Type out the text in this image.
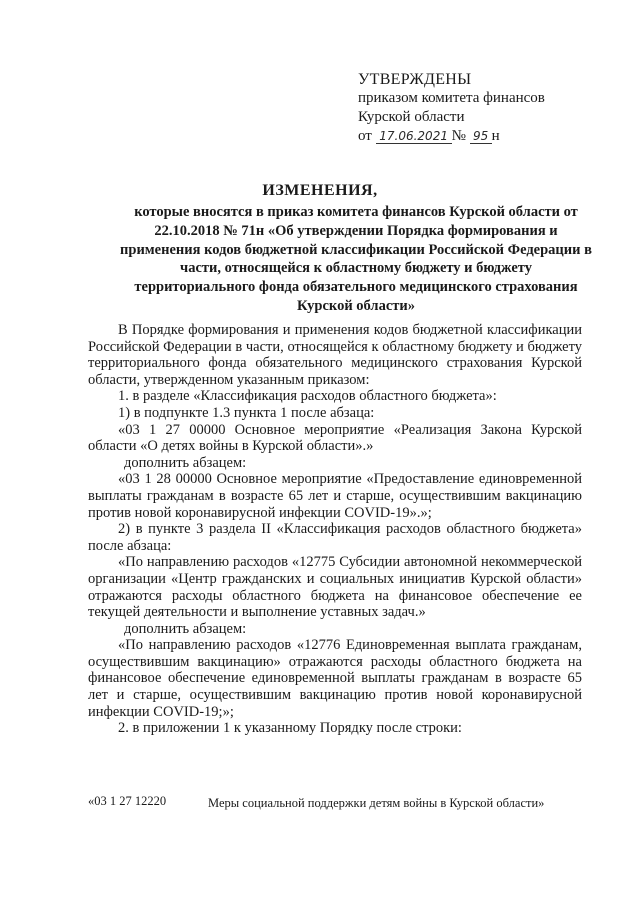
УТВЕРЖДЕНЫ
приказом комитета финансов
Курской области
от 17.06.2021 № 95 н
ИЗМЕНЕНИЯ,
которые вносятся в приказ комитета финансов Курской области от 22.10.2018 № 71н «Об утверждении Порядка формирования и применения кодов бюджетной классификации Российской Федерации в части, относящейся к областному бюджету и бюджету территориального фонда обязательного медицинского страхования Курской области»

В Порядке формирования и применения кодов бюджетной классификации Российской Федерации в части, относящейся к областному бюджету и бюджету территориального фонда обязательного медицинского страхования Курской области, утвержденном указанным приказом:

1. в разделе «Классификация расходов областного бюджета»:

1) в подпункте 1.3 пункта 1 после абзаца:

«03 1 27 00000 Основное мероприятие «Реализация Закона Курской области «О детях войны в Курской области».»

дополнить абзацем:

«03 1 28 00000 Основное мероприятие «Предоставление единовременной выплаты гражданам в возрасте 65 лет и старше, осуществившим вакцинацию против новой коронавирусной инфекции COVID-19».»;

2) в пункте 3 раздела II «Классификация расходов областного бюджета» после абзаца:

«По направлению расходов «12775 Субсидии автономной некоммерческой организации «Центр гражданских и социальных инициатив Курской области» отражаются расходы областного бюджета на финансовое обеспечение ее текущей деятельности и выполнение уставных задач.»

дополнить абзацем:

«По направлению расходов «12776 Единовременная выплата гражданам, осуществившим вакцинацию» отражаются расходы областного бюджета на финансовое обеспечение единовременной выплаты гражданам в возрасте 65 лет и старше, осуществившим вакцинацию против новой коронавирусной инфекции COVID-19;»;

2. в приложении 1 к указанному Порядку после строки:

«03 1 27 12220	Меры социальной поддержки детям войны в Курской области»
